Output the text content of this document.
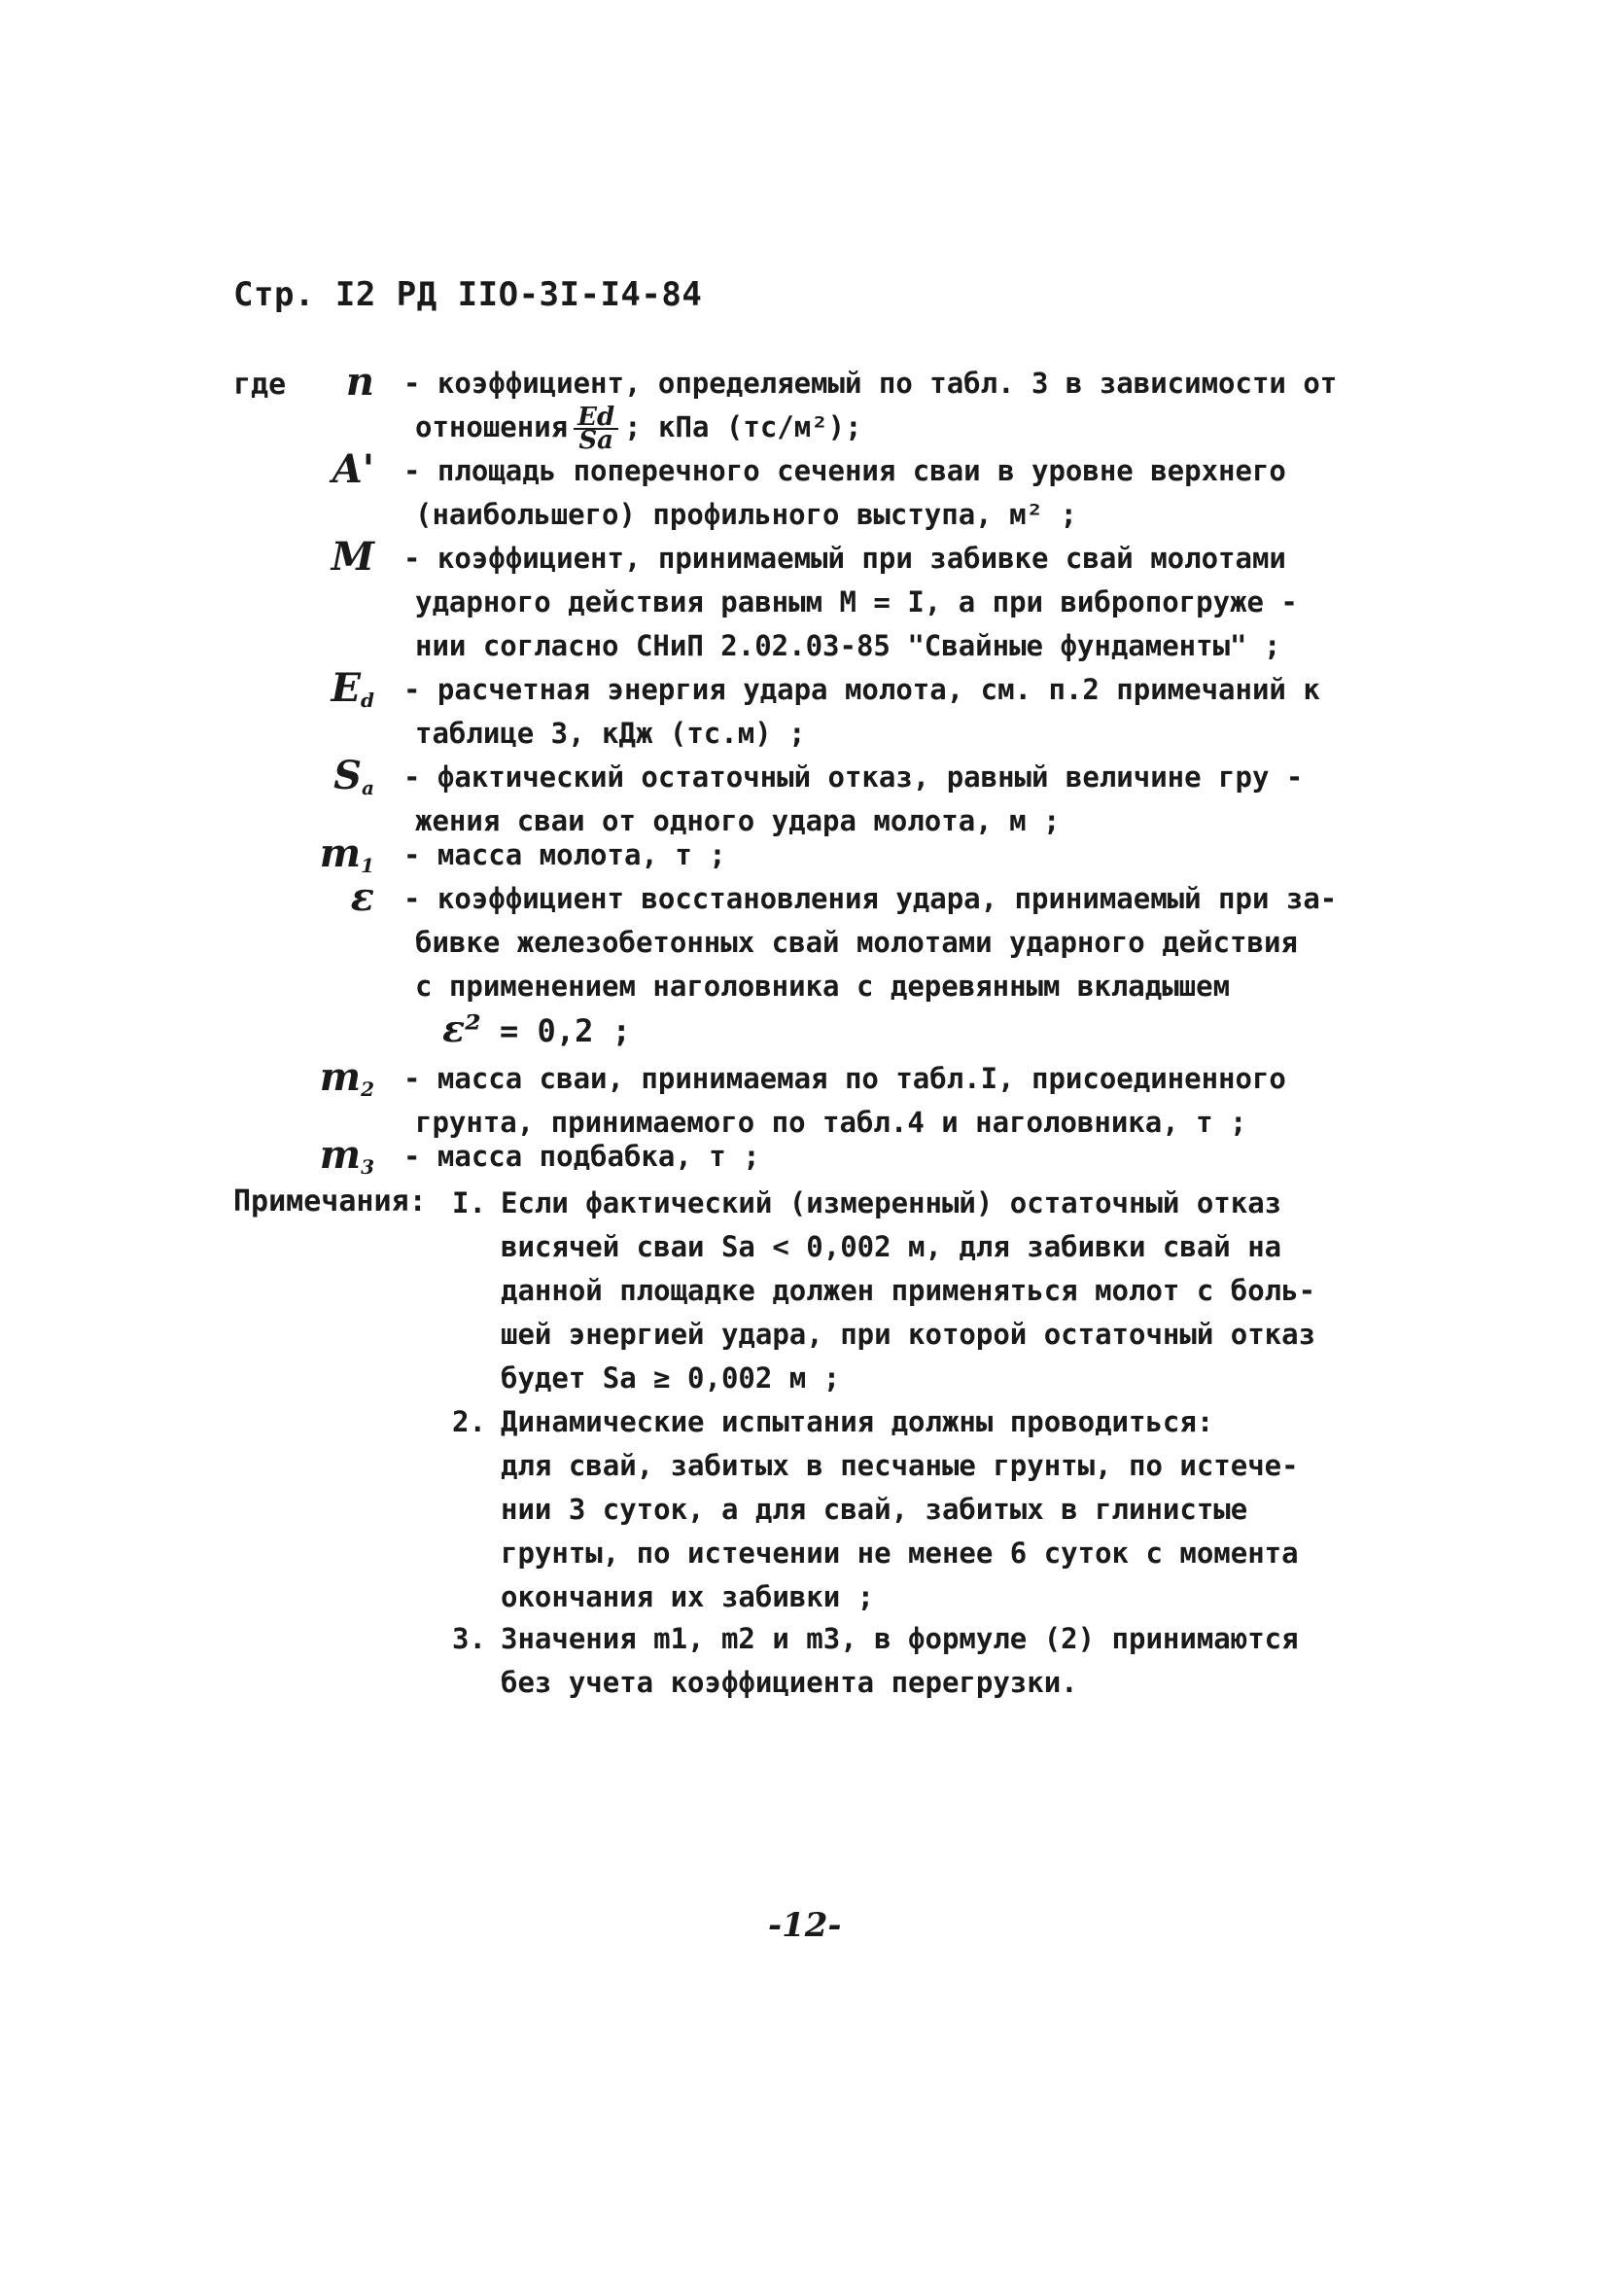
Стр. I2 РД IIO-3I-I4-84
где	n - коэффициент, определяемый по табл. 3 в зависимости от
отношения $\frac{Ed}{Sa}$ ; кПа (тс/м²);
A' - площадь поперечного сечения сваи в уровне верхнего
(наибольшего) профильного выступа, м² ;
M - коэффициент, принимаемый при забивке свай молотами
ударного действия равным М = I, а при вибропогруже -
нии согласно СНиП 2.02.03-85 "Свайные фундаменты" ;
$E_d$ - расчетная энергия удара молота, см. п.2 примечаний к
таблице 3, кДж (тс.м) ;
$S_a$ - фактический остаточный отказ, равный величине гру -
жения сваи от одного удара молота, м ;
$m_1$ - масса молота, т ;
ε - коэффициент восстановления удара, принимаемый при за-
бивке железобетонных свай молотами ударного действия
с применением наголовника с деревянным вкладышем
ε² = 0,2 ;
$m_2$ - масса сваи, принимаемая по табл.I, присоединенного
грунта, принимаемого по табл.4 и наголовника, т ;
$m_3$ - масса подбабка, т ;
Примечания: I. Если фактический (измеренный) остаточный отказ
висячей сваи Sa < 0,002 м, для забивки свай на
данной площадке должен применяться молот с боль-
шей энергией удара, при которой остаточный отказ
будет Sa ≥ 0,002 м ;
2. Динамические испытания должны проводиться:
для свай, забитых в песчаные грунты, по истече-
нии 3 суток, а для свай, забитых в глинистые
грунты, по истечении не менее 6 суток с момента
окончания их забивки ;
3. Значения m1, m2 и m3, в формуле (2) принимаются
без учета коэффициента перегрузки.
-12-
